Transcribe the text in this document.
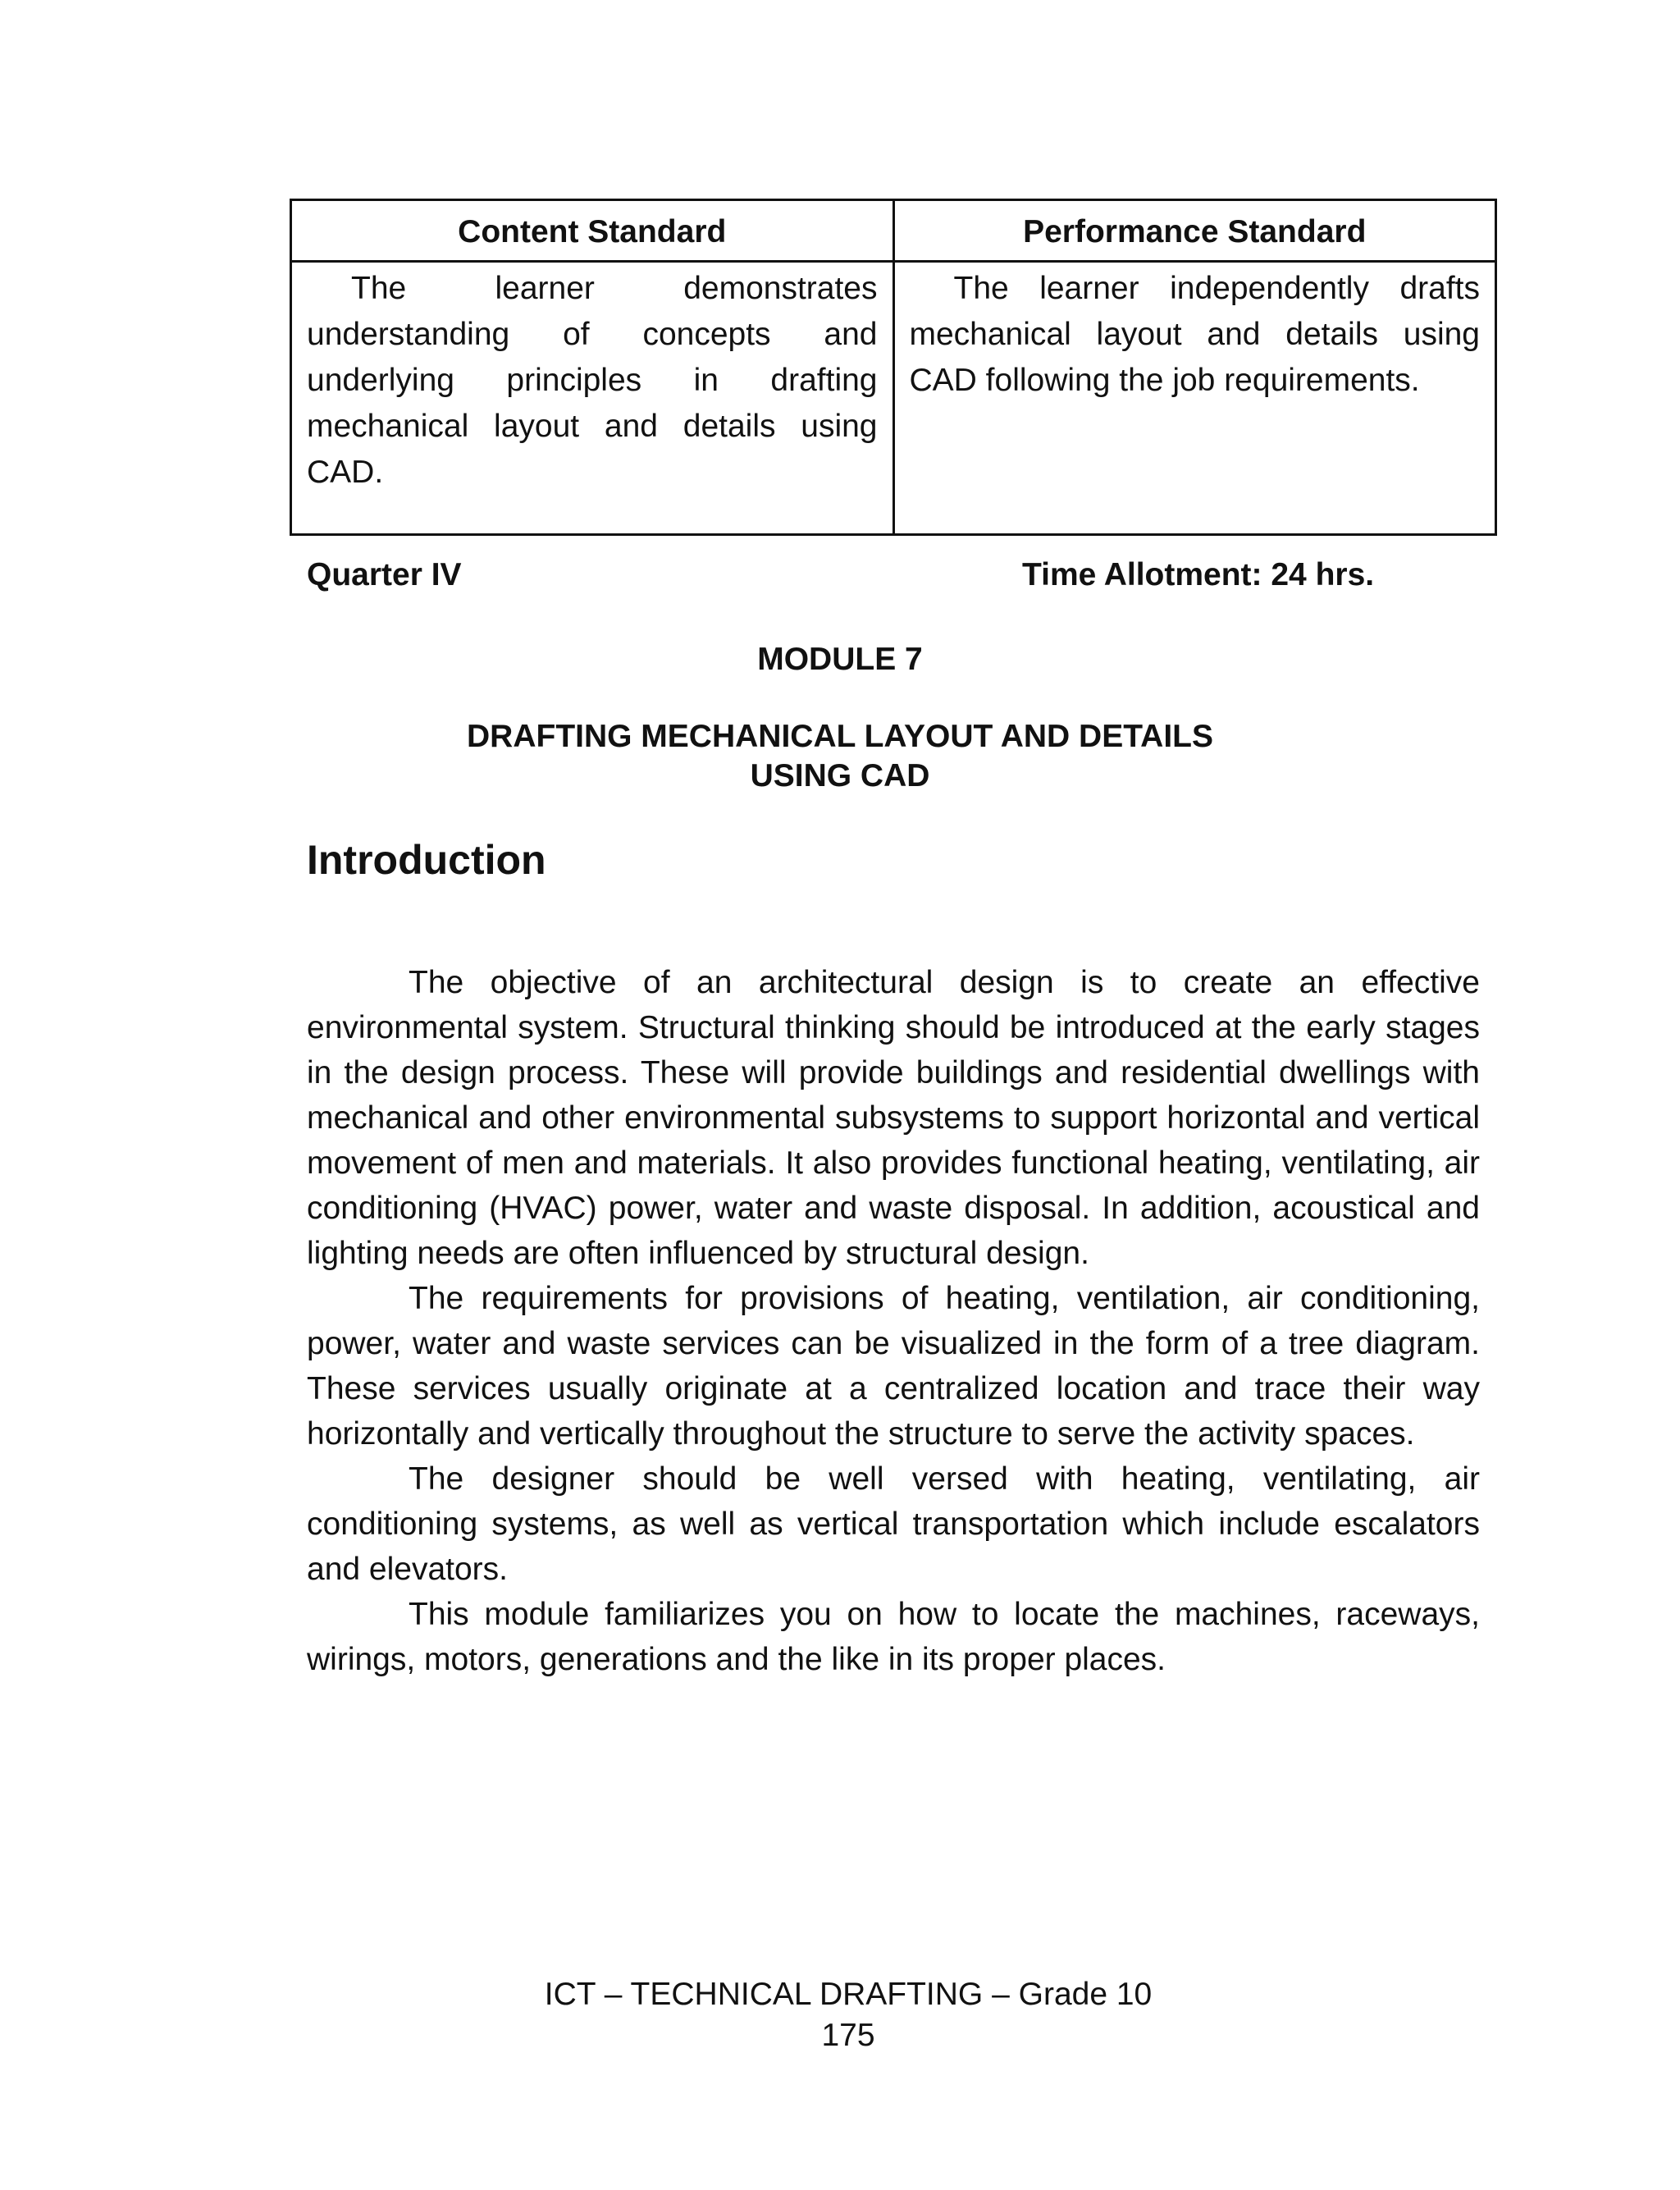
Content Standard	Performance Standard
The learner demonstrates understanding of concepts and underlying principles in drafting mechanical layout and details using CAD.	The learner independently drafts mechanical layout and details using CAD following the job requirements.
Quarter IV	Time Allotment: 24 hrs.
MODULE 7
DRAFTING MECHANICAL LAYOUT AND DETAILS
USING CAD
Introduction

The objective of an architectural design is to create an effective environmental system. Structural thinking should be introduced at the early stages in the design process. These will provide buildings and residential dwellings with mechanical and other environmental subsystems to support horizontal and vertical movement of men and materials. It also provides functional heating, ventilating, air conditioning (HVAC) power, water and waste disposal. In addition, acoustical and lighting needs are often influenced by structural design.

The requirements for provisions of heating, ventilation, air conditioning, power, water and waste services can be visualized in the form of a tree diagram. These services usually originate at a centralized location and trace their way horizontally and vertically throughout the structure to serve the activity spaces.

The designer should be well versed with heating, ventilating, air conditioning systems, as well as vertical transportation which include escalators and elevators.

This module familiarizes you on how to locate the machines, raceways, wirings, motors, generations and the like in its proper places.

ICT – TECHNICAL DRAFTING – Grade 10
175
